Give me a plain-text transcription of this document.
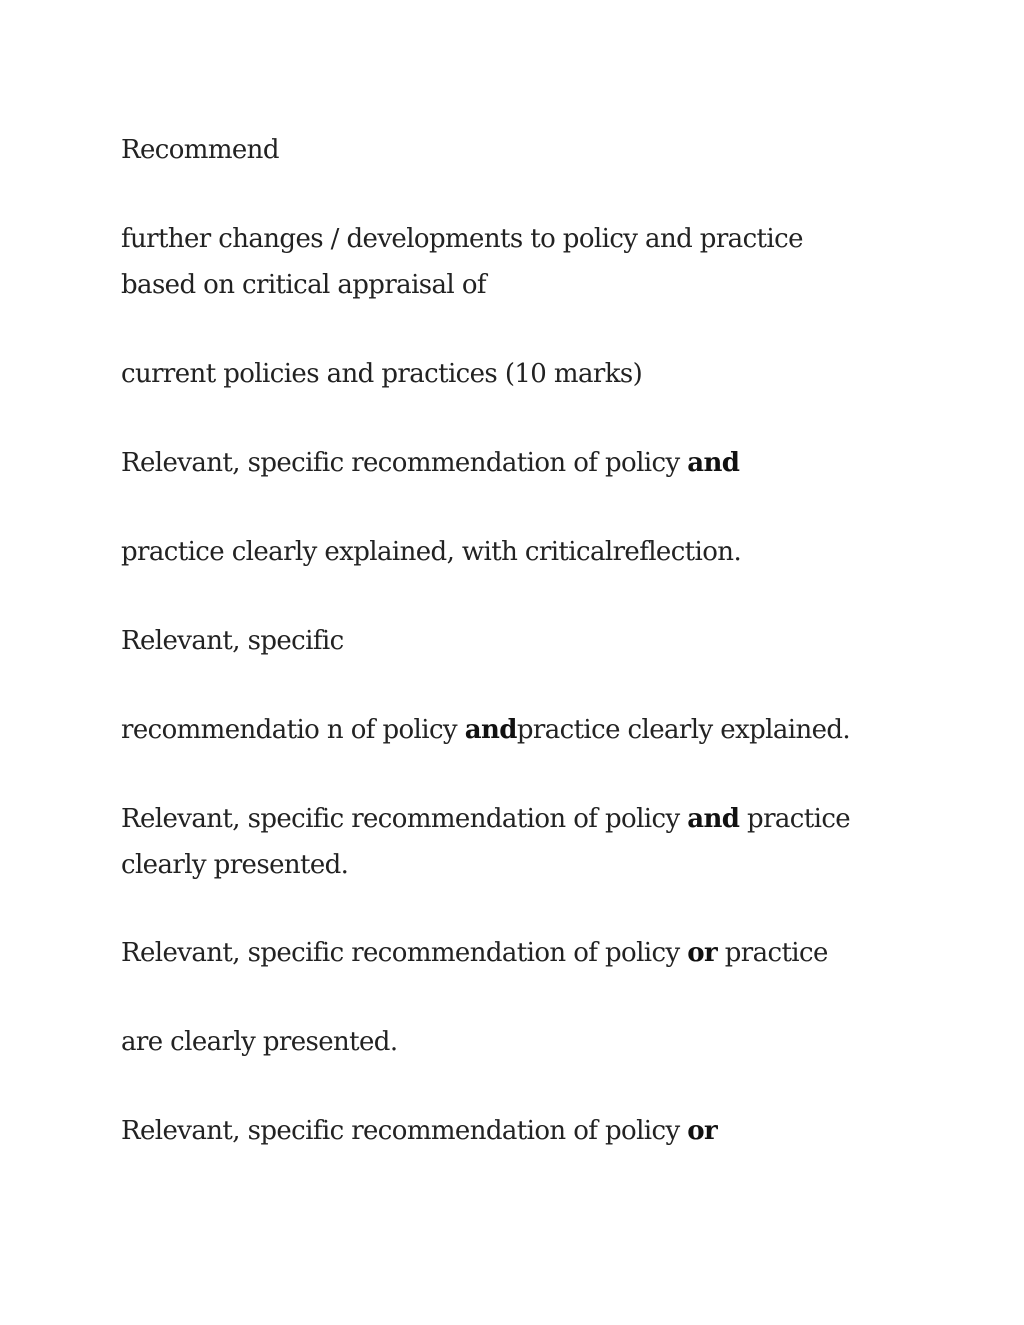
Recommend

further changes / developments to policy and practice based on critical appraisal of

current policies and practices (10 marks)

Relevant, specific recommendation of policy and

practice clearly explained, with criticalreflection.

Relevant, specific

recommendatio n of policy andpractice clearly explained.

Relevant, specific recommendation of policy and practice clearly presented.

Relevant, specific recommendation of policy or practice

are clearly presented.

Relevant, specific recommendation of policy or
